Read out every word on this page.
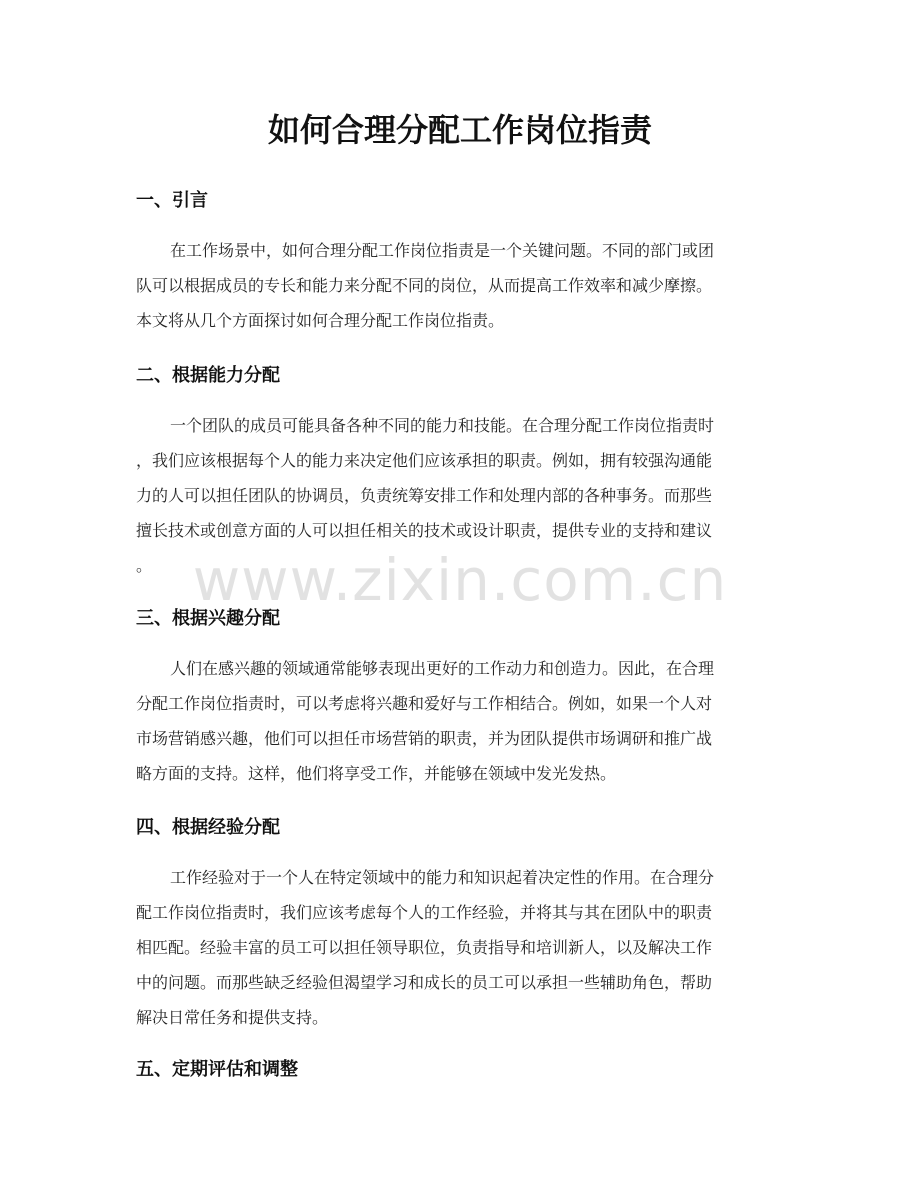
如何合理分配工作岗位指责
一、引言

在工作场景中，如何合理分配工作岗位指责是一个关键问题。不同的部门或团
队可以根据成员的专长和能力来分配不同的岗位，从而提高工作效率和减少摩擦。
本文将从几个方面探讨如何合理分配工作岗位指责。

二、根据能力分配

一个团队的成员可能具备各种不同的能力和技能。在合理分配工作岗位指责时
，我们应该根据每个人的能力来决定他们应该承担的职责。例如，拥有较强沟通能
力的人可以担任团队的协调员，负责统筹安排工作和处理内部的各种事务。而那些
擅长技术或创意方面的人可以担任相关的技术或设计职责，提供专业的支持和建议
。

三、根据兴趣分配

人们在感兴趣的领域通常能够表现出更好的工作动力和创造力。因此，在合理
分配工作岗位指责时，可以考虑将兴趣和爱好与工作相结合。例如，如果一个人对
市场营销感兴趣，他们可以担任市场营销的职责，并为团队提供市场调研和推广战
略方面的支持。这样，他们将享受工作，并能够在领域中发光发热。

四、根据经验分配

工作经验对于一个人在特定领域中的能力和知识起着决定性的作用。在合理分
配工作岗位指责时，我们应该考虑每个人的工作经验，并将其与其在团队中的职责
相匹配。经验丰富的员工可以担任领导职位，负责指导和培训新人，以及解决工作
中的问题。而那些缺乏经验但渴望学习和成长的员工可以承担一些辅助角色，帮助
解决日常任务和提供支持。

五、定期评估和调整
www.zixin.com.cn
